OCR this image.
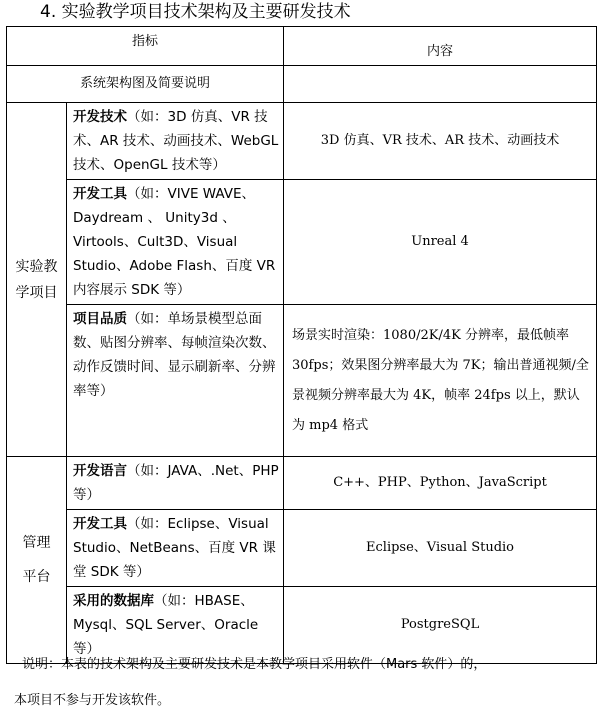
4. 实验教学项目技术架构及主要研发技术
指标		内容
系统架构图及简要说明		
实验教学项目	开发技术（如：3D 仿真、VR 技术、AR 技术、动画技术、WebGL 技术、OpenGL 技术等）	3D 仿真、VR 技术、AR 技术、动画技术
	开发工具（如：VIVE WAVE、Daydream 、 Unity3d 、Virtools、Cult3D、Visual Studio、Adobe Flash、百度 VR 内容展示 SDK 等）	Unreal 4
	项目品质（如：单场景模型总面数、贴图分辨率、每帧渲染次数、动作反馈时间、显示刷新率、分辨率等）	场景实时渲染：1080/2K/4K 分辨率，最低帧率 30fps；效果图分辨率最大为 7K；输出普通视频/全景视频分辨率最大为 4K，帧率 24fps 以上，默认为 mp4 格式
管理平台	开发语言（如：JAVA、.Net、PHP 等）	C++、PHP、Python、JavaScript
	开发工具（如：Eclipse、Visual Studio、NetBeans、百度 VR 课堂 SDK 等）	Eclipse、Visual Studio
	采用的数据库（如：HBASE、Mysql、SQL Server、Oracle 等）	PostgreSQL
说明：本表的技术架构及主要研发技术是本教学项目采用软件（Mars 软件）的，
本项目不参与开发该软件。
